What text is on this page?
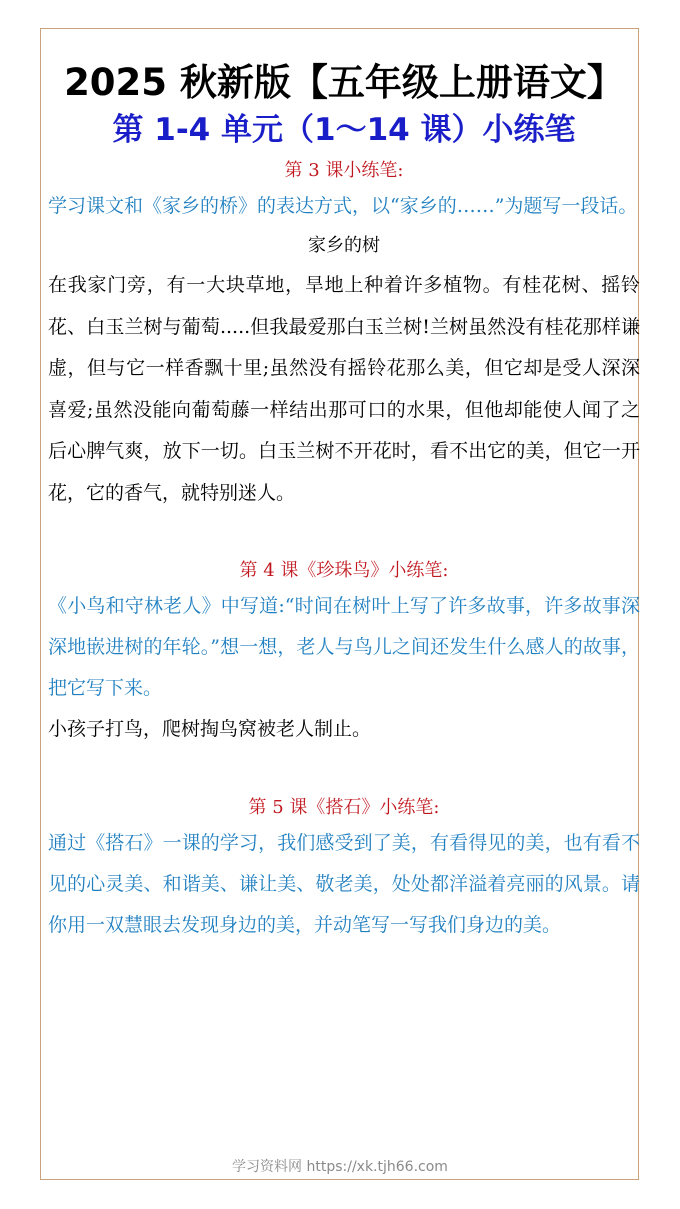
2025 秋新版【五年级上册语文】
第 1-4 单元（1～14 课）小练笔

第 3 课小练笔:

学习课文和《家乡的桥》的表达方式，以“家乡的……”为题写一段话。

家乡的树

在我家门旁，有一大块草地，旱地上种着许多植物。有桂花树、摇铃花、白玉兰树与葡萄.....但我最爱那白玉兰树!兰树虽然没有桂花那样谦虚，但与它一样香飘十里;虽然没有摇铃花那么美，但它却是受人深深喜爱;虽然没能向葡萄藤一样结出那可口的水果，但他却能使人闻了之后心脾气爽，放下一切。白玉兰树不开花时，看不出它的美，但它一开花，它的香气，就特别迷人。

第 4 课《珍珠鸟》小练笔:

《小鸟和守林老人》中写道:“时间在树叶上写了许多故事，许多故事深深地嵌进树的年轮。”想一想，老人与鸟儿之间还发生什么感人的故事，把它写下来。

小孩子打鸟，爬树掏鸟窝被老人制止。

第 5 课《搭石》小练笔:

通过《搭石》一课的学习，我们感受到了美，有看得见的美，也有看不见的心灵美、和谐美、谦让美、敬老美，处处都洋溢着亮丽的风景。请你用一双慧眼去发现身边的美，并动笔写一写我们身边的美。

学习资料网 https://xk.tjh66.com
